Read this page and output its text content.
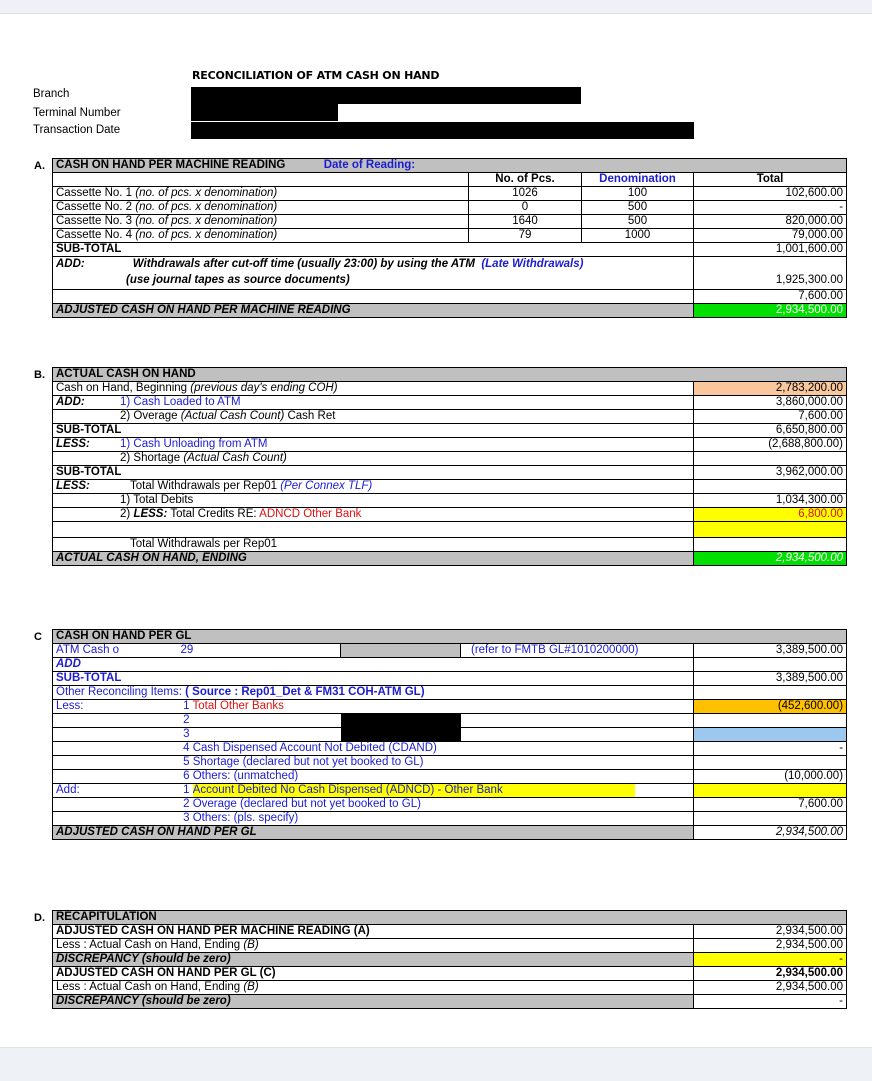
RECONCILIATION OF ATM CASH ON HAND
Branch
Terminal Number
Transaction Date
A. CASH ON HAND PER MACHINE READING Date of Reading:			
	No. of Pcs.	Denomination	Total
Cassette No. 1 (no. of pcs. x denomination)	1026	100	102,600.00
Cassette No. 2 (no. of pcs. x denomination)	0	500	-
Cassette No. 3 (no. of pcs. x denomination)	1640	500	820,000.00
Cassette No. 4 (no. of pcs. x denomination)	79	1000	79,000.00
SUB-TOTAL			1,001,600.00
ADD: Withdrawals after cut-off time (usually 23:00) by using the ATM (Late Withdrawals)			
(use journal tapes as source documents)			1,925,300.00
			7,600.00
ADJUSTED CASH ON HAND PER MACHINE READING			2,934,500.00
B. ACTUAL CASH ON HAND	
Cash on Hand, Beginning (previous day's ending COH)	2,783,200.00
ADD: 1) Cash Loaded to ATM	3,860,000.00
2) Overage (Actual Cash Count) Cash Ret	7,600.00
SUB-TOTAL	6,650,800.00
LESS: 1) Cash Unloading from ATM	(2,688,800.00)
2) Shortage (Actual Cash Count)	
SUB-TOTAL	3,962,000.00
LESS: Total Withdrawals per Rep01 (Per Connex TLF)	
1) Total Debits	1,034,300.00
2) LESS: Total Credits RE: ADNCD Other Bank	6,800.00

Total Withdrawals per Rep01	
ACTUAL CASH ON HAND, ENDING	2,934,500.00
C CASH ON HAND PER GL				
ATM Cash o	29		(refer to FMTB GL#1010200000)	3,389,500.00
ADD				
SUB-TOTAL				3,389,500.00
Other Reconciling Items: ( Source : Rep01_Det & FM31 COH-ATM GL)				
Less:	1 Total Other Banks			(452,600.00)
	2			
	3			
	4 Cash Dispensed Account Not Debited (CDAND)			-
	5 Shortage (declared but not yet booked to GL)			
	6 Others: (unmatched)			(10,000.00)
Add:	1 Account Debited No Cash Dispensed (ADNCD) - Other Bank			
	2 Overage (declared but not yet booked to GL)			7,600.00
	3 Others: (pls. specify)			
ADJUSTED CASH ON HAND PER GL				2,934,500.00
D. RECAPITULATION	
ADJUSTED CASH ON HAND PER MACHINE READING (A)	2,934,500.00
Less : Actual Cash on Hand, Ending (B)	2,934,500.00
DISCREPANCY (should be zero)	-
ADJUSTED CASH ON HAND PER GL (C)	2,934,500.00
Less : Actual Cash on Hand, Ending (B)	2,934,500.00
DISCREPANCY (should be zero)	-
